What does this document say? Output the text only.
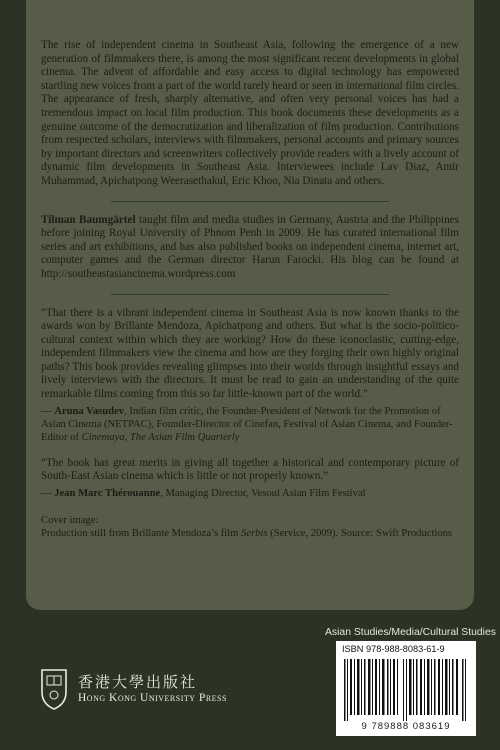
The rise of independent cinema in Southeast Asia, following the emergence of a new generation of filmmakers there, is among the most significant recent developments in global cinema. The advent of affordable and easy access to digital technology has empowered startling new voices from a part of the world rarely heard or seen in international film circles. The appearance of fresh, sharply alternative, and often very personal voices has had a tremendous impact on local film production. This book documents these developments as a genuine outcome of the democratization and liberalization of film production. Contributions from respected scholars, interviews with filmmakers, personal accounts and primary sources by important directors and screenwriters collectively provide readers with a lively account of dynamic film developments in Southeast Asia. Interviewees include Lav Diaz, Amir Muhammad, Apichatpong Weerasethakul, Eric Khoo, Nia Dinata and others.

Tilman Baumgärtel taught film and media studies in Germany, Austria and the Philippines before joining Royal University of Phnom Penh in 2009. He has curated international film series and art exhibitions, and has also published books on independent cinema, internet art, computer games and the German director Harun Farocki. His blog can be found at http://southeastasiancinema.wordpress.com

“That there is a vibrant independent cinema in Southeast Asia is now known thanks to the awards won by Brillante Mendoza, Apichatpong and others. But what is the socio-politico-cultural context within which they are working? How do these iconoclastic, cutting-edge, independent filmmakers view the cinema and how are they forging their own highly original paths? This book provides revealing glimpses into their worlds through insightful essays and lively interviews with the directors. It must be read to gain an understanding of the quite remarkable films coming from this so far little-known part of the world.”

— Aruna Vasudev, Indian film critic, the Founder-President of Network for the Promotion of Asian Cinema (NETPAC), Founder-Director of Cinefan, Festival of Asian Cinema, and Founder-Editor of Cinemaya, The Asian Film Quarterly

“The book has great merits in giving all together a historical and contemporary picture of South-East Asian cinema which is little or not properly known.”

— Jean Marc Thérouanne, Managing Director, Vesoul Asian Film Festival

Cover image:
Production still from Brillante Mendoza’s film Serbis (Service, 2009). Source: Swift Productions
Asian Studies/Media/Cultural Studies
ISBN 978-988-8083-61-9
9 789888 083619
香港大學出版社
Hong Kong University Press
